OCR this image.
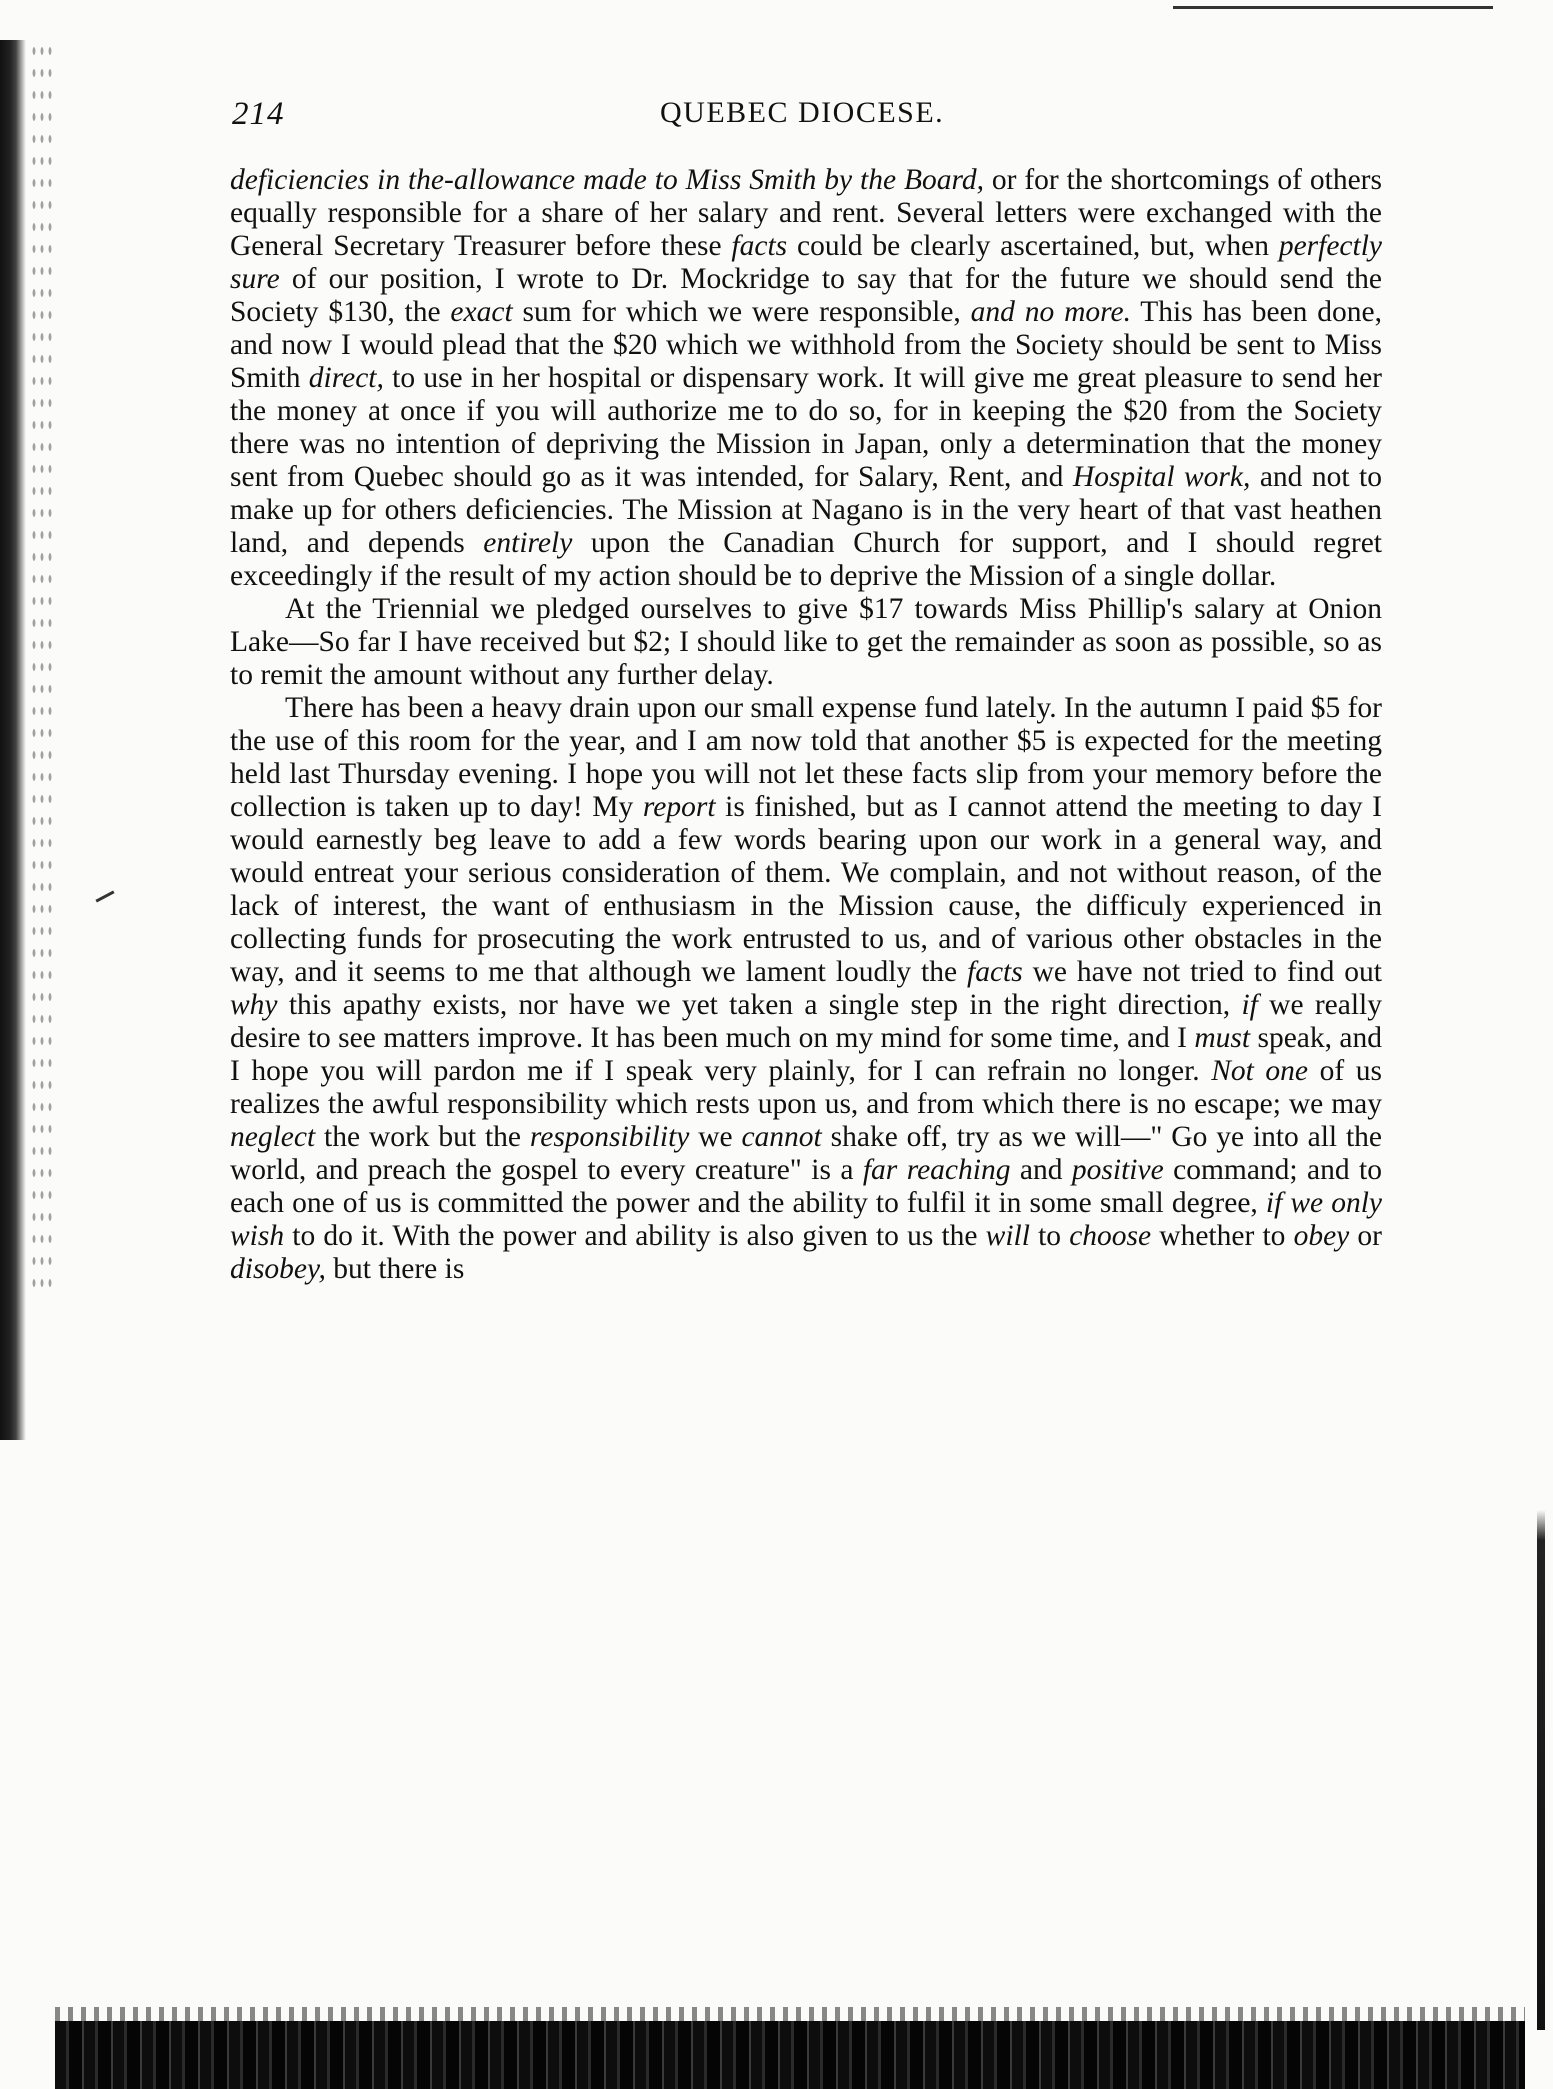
214	QUEBEC DIOCESE.

deficiencies in the-allowance made to Miss Smith by the Board, or for the shortcomings of others equally responsible for a share of her salary and rent. Several letters were exchanged with the General Secretary Treasurer before these facts could be clearly ascertained, but, when perfectly sure of our position, I wrote to Dr. Mockridge to say that for the future we should send the Society $130, the exact sum for which we were responsible, and no more. This has been done, and now I would plead that the $20 which we withhold from the Society should be sent to Miss Smith direct, to use in her hospital or dispensary work. It will give me great pleasure to send her the money at once if you will authorize me to do so, for in keeping the $20 from the Society there was no intention of depriving the Mission in Japan, only a determination that the money sent from Quebec should go as it was intended, for Salary, Rent, and Hospital work, and not to make up for others deficiencies. The Mission at Nagano is in the very heart of that vast heathen land, and depends entirely upon the Canadian Church for support, and I should regret exceedingly if the result of my action should be to deprive the Mission of a single dollar.

At the Triennial we pledged ourselves to give $17 towards Miss Phillip's salary at Onion Lake—So far I have received but $2; I should like to get the remainder as soon as possible, so as to remit the amount without any further delay.

There has been a heavy drain upon our small expense fund lately. In the autumn I paid $5 for the use of this room for the year, and I am now told that another $5 is expected for the meeting held last Thursday evening. I hope you will not let these facts slip from your memory before the collection is taken up to day! My report is finished, but as I cannot attend the meeting to day I would earnestly beg leave to add a few words bearing upon our work in a general way, and would entreat your serious consideration of them. We complain, and not without reason, of the lack of interest, the want of enthusiasm in the Mission cause, the difficuly experienced in collecting funds for prosecuting the work entrusted to us, and of various other obstacles in the way, and it seems to me that although we lament loudly the facts we have not tried to find out why this apathy exists, nor have we yet taken a single step in the right direction, if we really desire to see matters improve. It has been much on my mind for some time, and I must speak, and I hope you will pardon me if I speak very plainly, for I can refrain no longer. Not one of us realizes the awful responsibility which rests upon us, and from which there is no escape; we may neglect the work but the responsibility we cannot shake off, try as we will—" Go ye into all the world, and preach the gospel to every creature" is a far reaching and positive command; and to each one of us is committed the power and the ability to fulfil it in some small degree, if we only wish to do it. With the power and ability is also given to us the will to choose whether to obey or disobey, but there is
